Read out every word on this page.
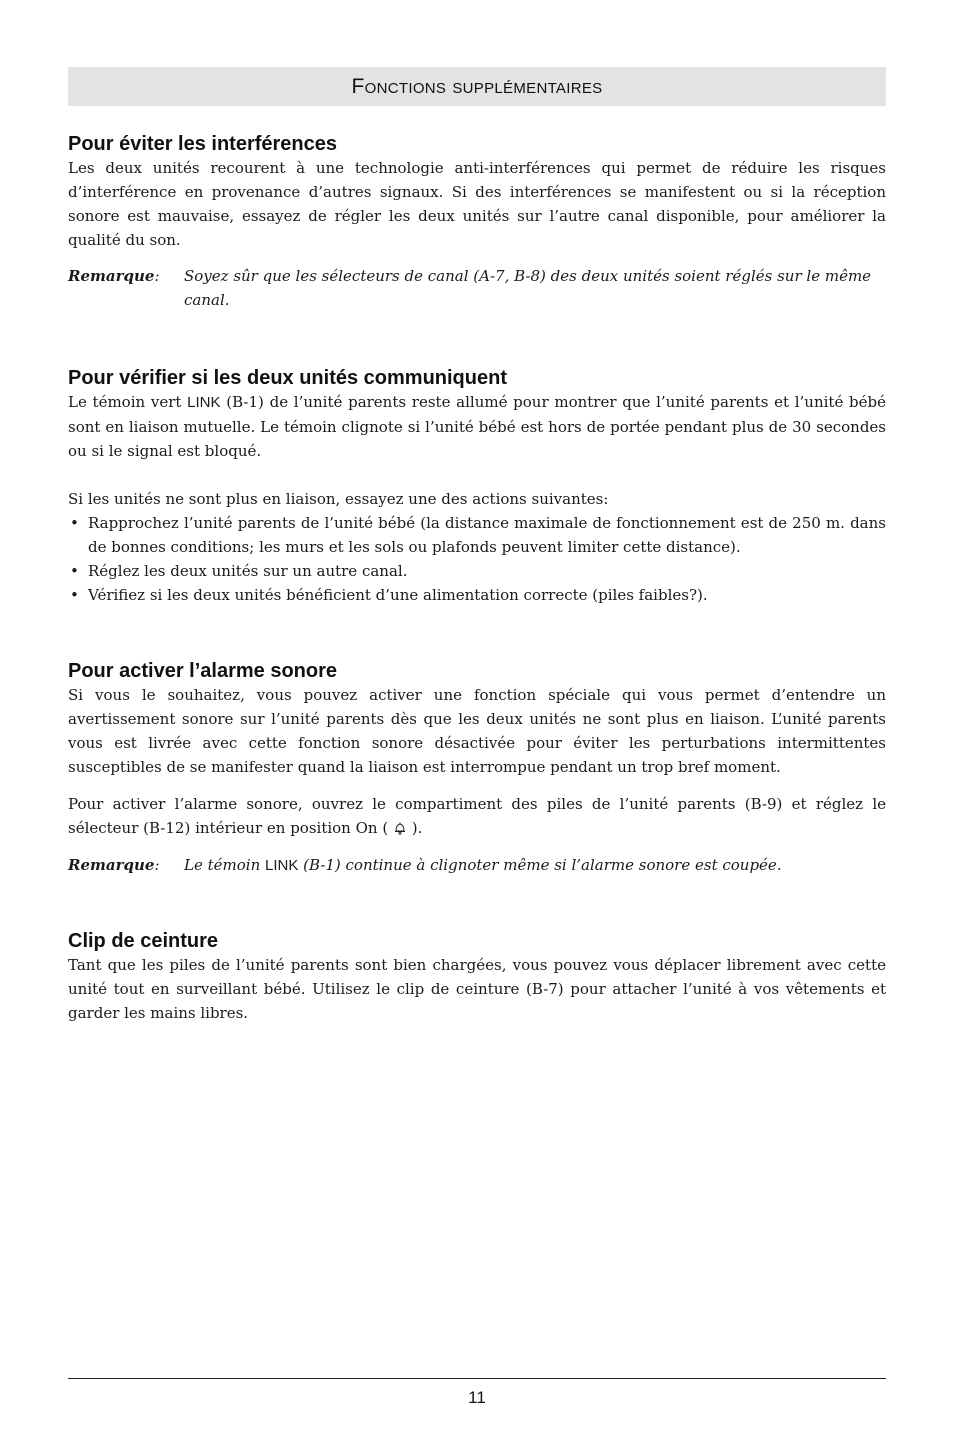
Fonctions supplémentaires
Pour éviter les interférences

Les deux unités recourent à une technologie anti-interférences qui permet de réduire les risques d’interférence en provenance d’autres signaux. Si des interférences se manifestent ou si la réception sonore est mauvaise, essayez de régler les deux unités sur l’autre canal disponible, pour améliorer la qualité du son.

Remarque:	Soyez sûr que les sélecteurs de canal (A-7, B-8) des deux unités soient réglés sur le même canal.
Pour vérifier si les deux unités communiquent

Le témoin vert LINK (B-1) de l’unité parents reste allumé pour montrer que l’unité parents et l’unité bébé sont en liaison mutuelle. Le témoin clignote si l’unité bébé est hors de portée pendant plus de 30 secondes ou si le signal est bloqué.

Si les unités ne sont plus en liaison, essayez une des actions suivantes:

• Rapprochez l’unité parents de l’unité bébé (la distance maximale de fonctionnement est de 250 m. dans de bonnes conditions; les murs et les sols ou plafonds peuvent limiter cette distance).
• Réglez les deux unités sur un autre canal.
• Vérifiez si les deux unités bénéficient d’une alimentation correcte (piles faibles?).
Pour activer l’alarme sonore

Si vous le souhaitez, vous pouvez activer une fonction spéciale qui vous permet d’entendre un avertissement sonore sur l’unité parents dès que les deux unités ne sont plus en liaison. L’unité parents vous est livrée avec cette fonction sonore désactivée pour éviter les perturbations intermittentes susceptibles de se manifester quand la liaison est interrompue pendant un trop bref moment.

Pour activer l’alarme sonore, ouvrez le compartiment des piles de l’unité parents (B-9) et réglez le sélecteur (B-12) intérieur en position On (  ).

Remarque:	Le témoin LINK (B-1) continue à clignoter même si l’alarme sonore est coupée.
Clip de ceinture

Tant que les piles de l’unité parents sont bien chargées, vous pouvez vous déplacer librement avec cette unité tout en surveillant bébé. Utilisez le clip de ceinture (B-7) pour attacher l’unité à vos vêtements et garder les mains libres.

11
